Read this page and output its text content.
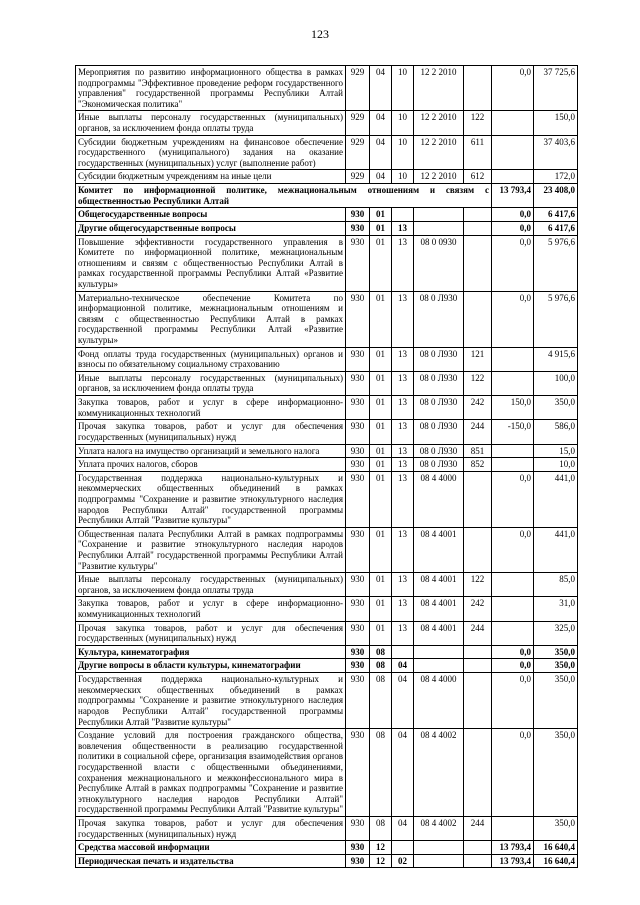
123
Мероприятия по развитию информационного общества в рамках подпрограммы "Эффективное проведение реформ государственного управления" государственной программы Республики Алтай "Экономическая политика"	929	04	10	12 2 2010		0,0	37 725,6
Иные выплаты персоналу государственных (муниципальных) органов, за исключением фонда оплаты труда	929	04	10	12 2 2010	122		150,0
Субсидии бюджетным учреждениям на финансовое обеспечение государственного (муниципального) задания на оказание государственных (муниципальных) услуг (выполнение работ)	929	04	10	12 2 2010	611		37 403,6
Субсидии бюджетным учреждениям на иные цели	929	04	10	12 2 2010	612		172,0
Комитет по информационной политике, межнациональным отношениям и связям с общественностью Республики Алтай						13 793,4	23 408,0
Общегосударственные вопросы	930	01				0,0	6 417,6
Другие общегосударственные вопросы	930	01	13			0,0	6 417,6
Повышение эффективности государственного управления в Комитете по информационной политике, межнациональным отношениям и связям с общественностью Республики Алтай в рамках государственной программы Республики Алтай «Развитие культуры»	930	01	13	08 0 0930		0,0	5 976,6
Материально-техническое обеспечение Комитета по информационной политике, межнациональным отношениям и связям с общественностью Республики Алтай в рамках государственной программы Республики Алтай «Развитие культуры»	930	01	13	08 0 Л930		0,0	5 976,6
Фонд оплаты труда государственных (муниципальных) органов и взносы по обязательному социальному страхованию	930	01	13	08 0 Л930	121		4 915,6
Иные выплаты персоналу государственных (муниципальных) органов, за исключением фонда оплаты труда	930	01	13	08 0 Л930	122		100,0
Закупка товаров, работ и услуг в сфере информационно-коммуникационных технологий	930	01	13	08 0 Л930	242	150,0	350,0
Прочая закупка товаров, работ и услуг для обеспечения государственных (муниципальных) нужд	930	01	13	08 0 Л930	244	-150,0	586,0
Уплата налога на имущество организаций и земельного налога	930	01	13	08 0 Л930	851		15,0
Уплата прочих налогов, сборов	930	01	13	08 0 Л930	852		10,0
Государственная поддержка национально-культурных и некоммерческих общественных объединений в рамках подпрограммы "Сохранение и развитие этнокультурного наследия народов Республики Алтай" государственной программы Республики Алтай "Развитие культуры"	930	01	13	08 4 4000		0,0	441,0
Общественная палата Республики Алтай в рамках подпрограммы "Сохранение и развитие этнокультурного наследия народов Республики Алтай" государственной программы Республики Алтай "Развитие культуры"	930	01	13	08 4 4001		0,0	441,0
Иные выплаты персоналу государственных (муниципальных) органов, за исключением фонда оплаты труда	930	01	13	08 4 4001	122		85,0
Закупка товаров, работ и услуг в сфере информационно-коммуникационных технологий	930	01	13	08 4 4001	242		31,0
Прочая закупка товаров, работ и услуг для обеспечения государственных (муниципальных) нужд	930	01	13	08 4 4001	244		325,0
Культура, кинематография	930	08				0,0	350,0
Другие вопросы в области культуры, кинематографии	930	08	04			0,0	350,0
Государственная поддержка национально-культурных и некоммерческих общественных объединений в рамках подпрограммы "Сохранение и развитие этнокультурного наследия народов Республики Алтай" государственной программы Республики Алтай "Развитие культуры"	930	08	04	08 4 4000		0,0	350,0
Создание условий для построения гражданского общества, вовлечения общественности в реализацию государственной политики в социальной сфере, организация взаимодействия органов государственной власти с общественными объединениями, сохранения межнационального и межконфессионального мира в Республике Алтай в рамках подпрограммы "Сохранение и развитие этнокультурного наследия народов Республики Алтай" государственной программы Республики Алтай "Развитие культуры"	930	08	04	08 4 4002		0,0	350,0
Прочая закупка товаров, работ и услуг для обеспечения государственных (муниципальных) нужд	930	08	04	08 4 4002	244		350,0
Средства массовой информации	930	12				13 793,4	16 640,4
Периодическая печать и издательства	930	12	02			13 793,4	16 640,4
